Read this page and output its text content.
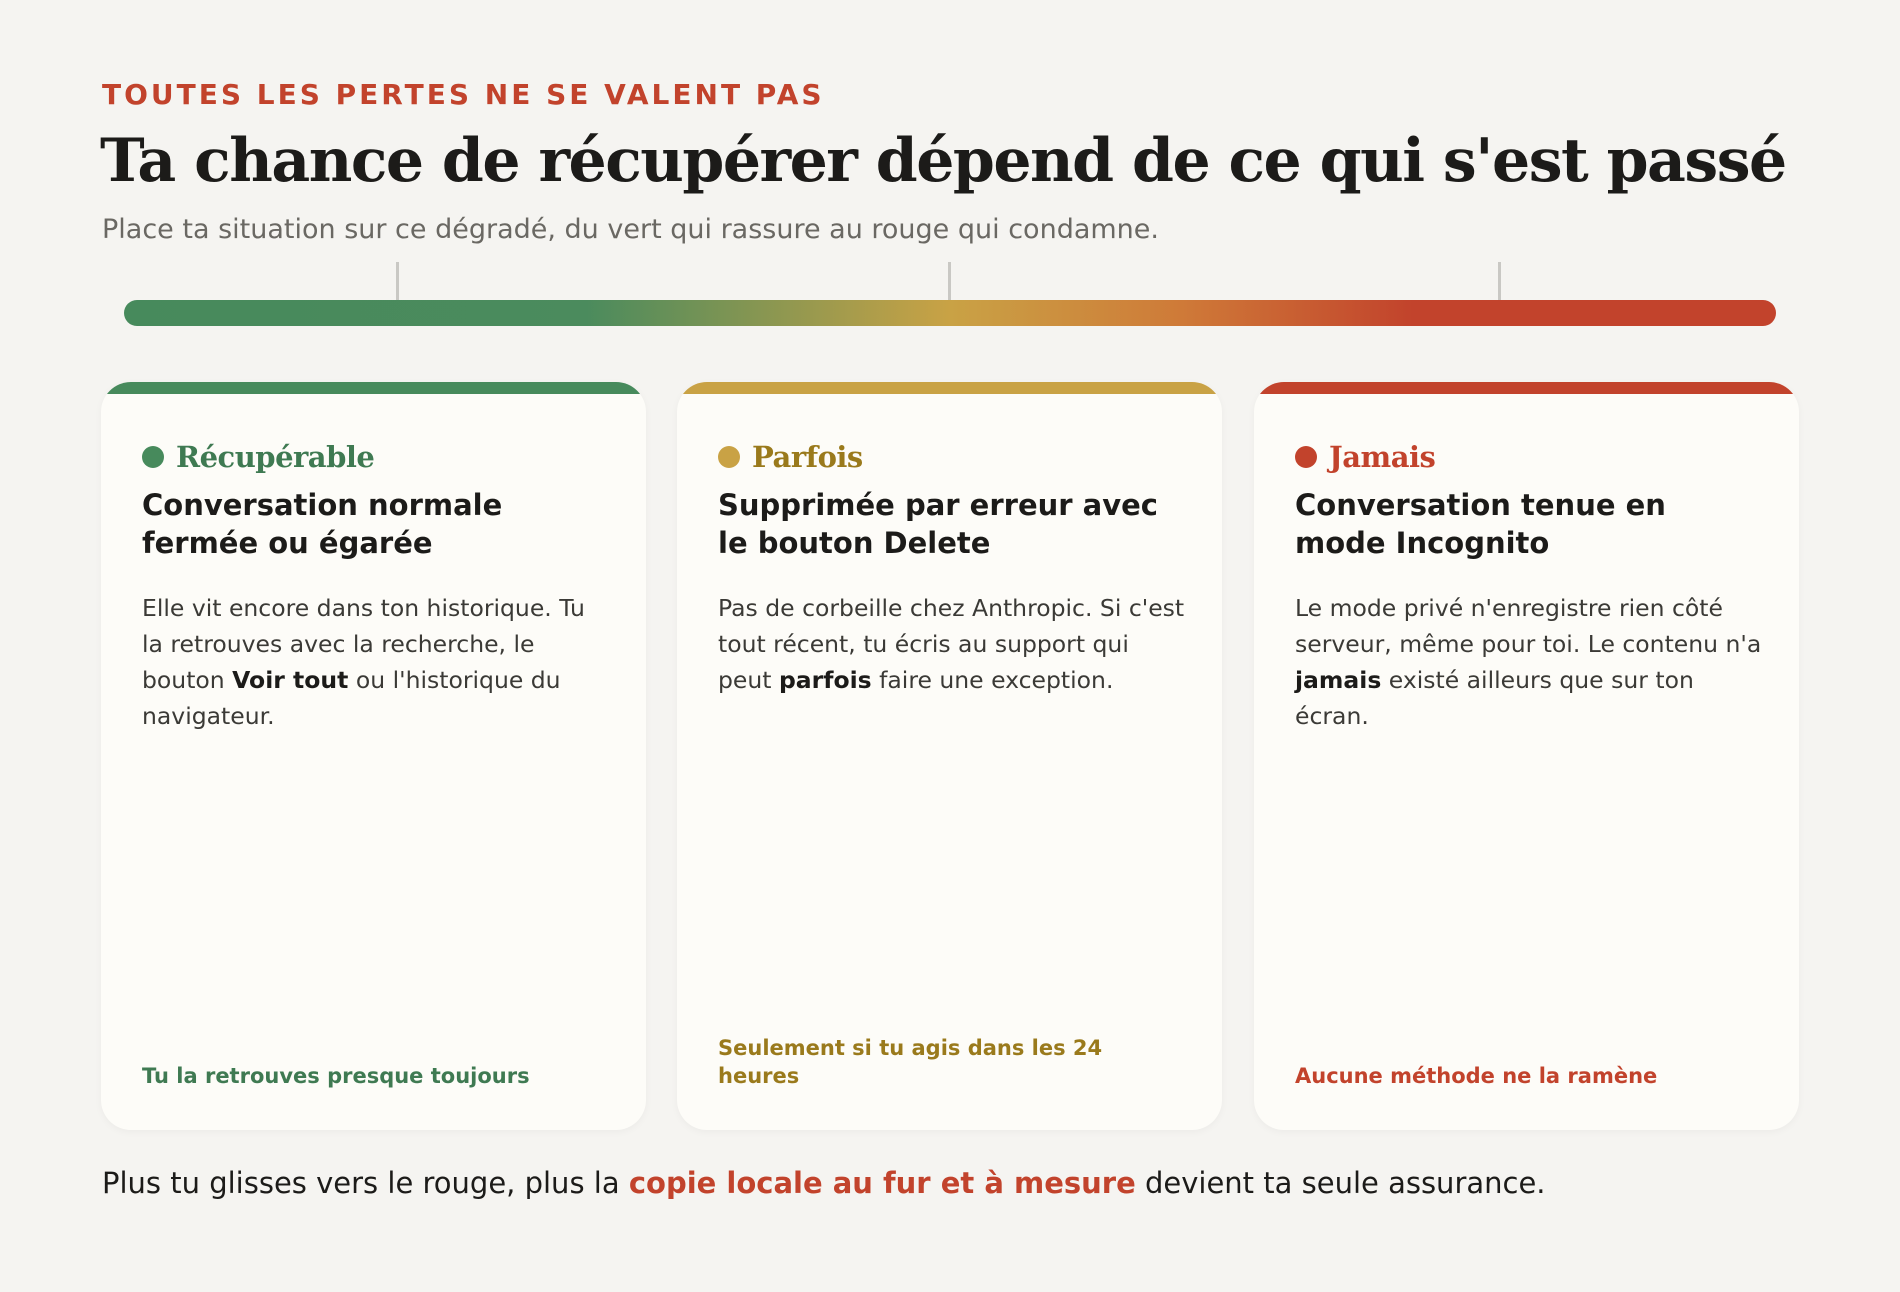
TOUTES LES PERTES NE SE VALENT PAS
Ta chance de récupérer dépend de ce qui s'est passé

Place ta situation sur ce dégradé, du vert qui rassure au rouge qui condamne.

Récupérable
Conversation normale fermée ou égarée
Elle vit encore dans ton historique. Tu la retrouves avec la recherche, le bouton Voir tout ou l'historique du navigateur.
Tu la retrouves presque toujours
Parfois
Supprimée par erreur avec le bouton Delete
Pas de corbeille chez Anthropic. Si c'est tout récent, tu écris au support qui peut parfois faire une exception.
Seulement si tu agis dans les 24 heures
Jamais
Conversation tenue en mode Incognito
Le mode privé n'enregistre rien côté serveur, même pour toi. Le contenu n'a jamais existé ailleurs que sur ton écran.
Aucune méthode ne la ramène

Plus tu glisses vers le rouge, plus la copie locale au fur et à mesure devient ta seule assurance.
